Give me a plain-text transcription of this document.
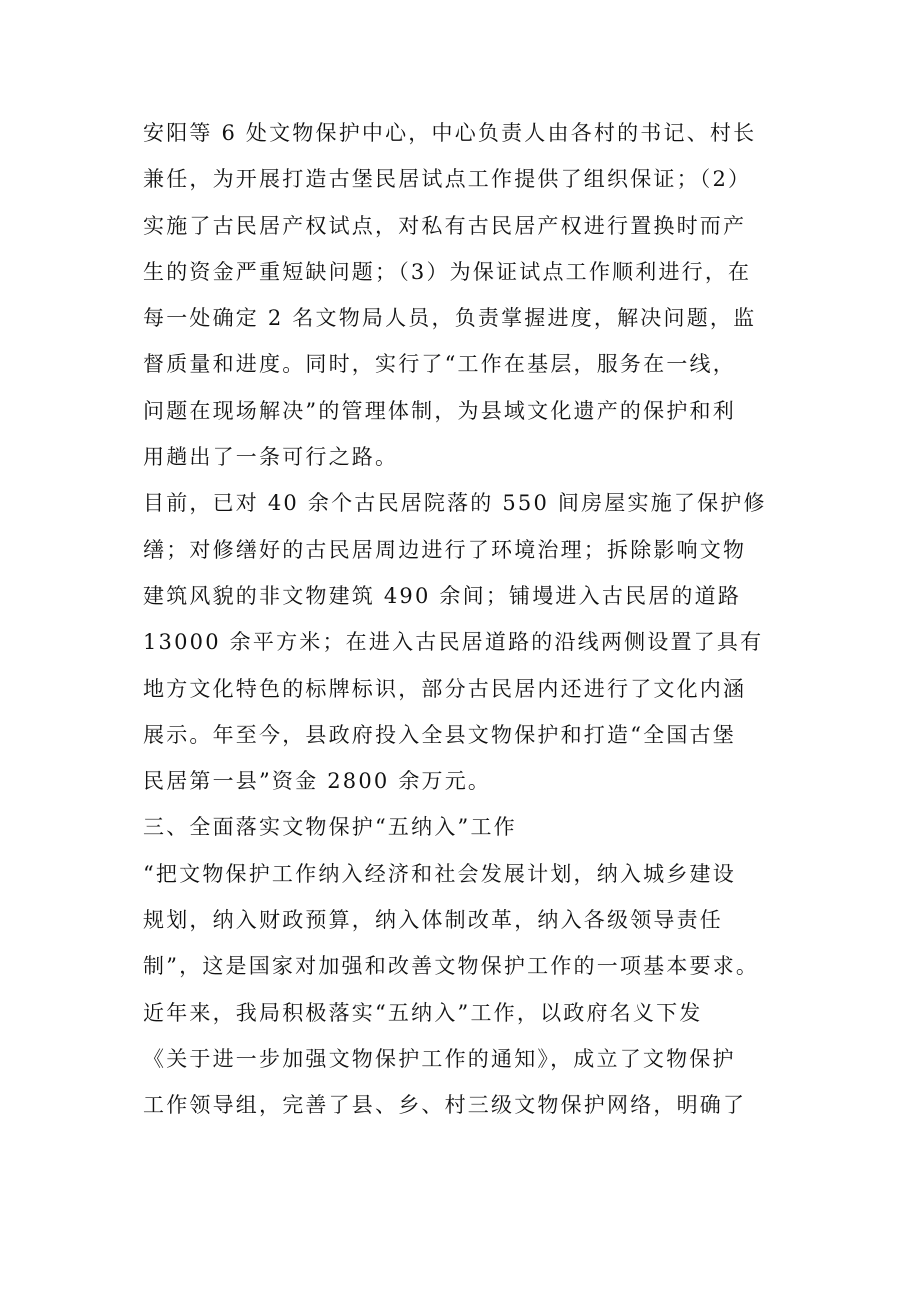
安阳等 6 处文物保护中心，中心负责人由各村的书记、村长
兼任，为开展打造古堡民居试点工作提供了组织保证；（2）
实施了古民居产权试点，对私有古民居产权进行置换时而产
生的资金严重短缺问题；（3）为保证试点工作顺利进行，在
每一处确定 2 名文物局人员，负责掌握进度，解决问题，监
督质量和进度。同时，实行了“工作在基层，服务在一线，
问题在现场解决”的管理体制，为县域文化遗产的保护和利
用趟出了一条可行之路。
目前，已对 40 余个古民居院落的 550 间房屋实施了保护修
缮；对修缮好的古民居周边进行了环境治理；拆除影响文物
建筑风貌的非文物建筑 490 余间；铺墁进入古民居的道路
13000 余平方米；在进入古民居道路的沿线两侧设置了具有
地方文化特色的标牌标识，部分古民居内还进行了文化内涵
展示。年至今，县政府投入全县文物保护和打造“全国古堡
民居第一县”资金 2800 余万元。
三、全面落实文物保护“五纳入”工作
“把文物保护工作纳入经济和社会发展计划，纳入城乡建设
规划，纳入财政预算，纳入体制改革，纳入各级领导责任
制”，这是国家对加强和改善文物保护工作的一项基本要求。
近年来，我局积极落实“五纳入”工作，以政府名义下发
《关于进一步加强文物保护工作的通知》，成立了文物保护
工作领导组，完善了县、乡、村三级文物保护网络，明确了
